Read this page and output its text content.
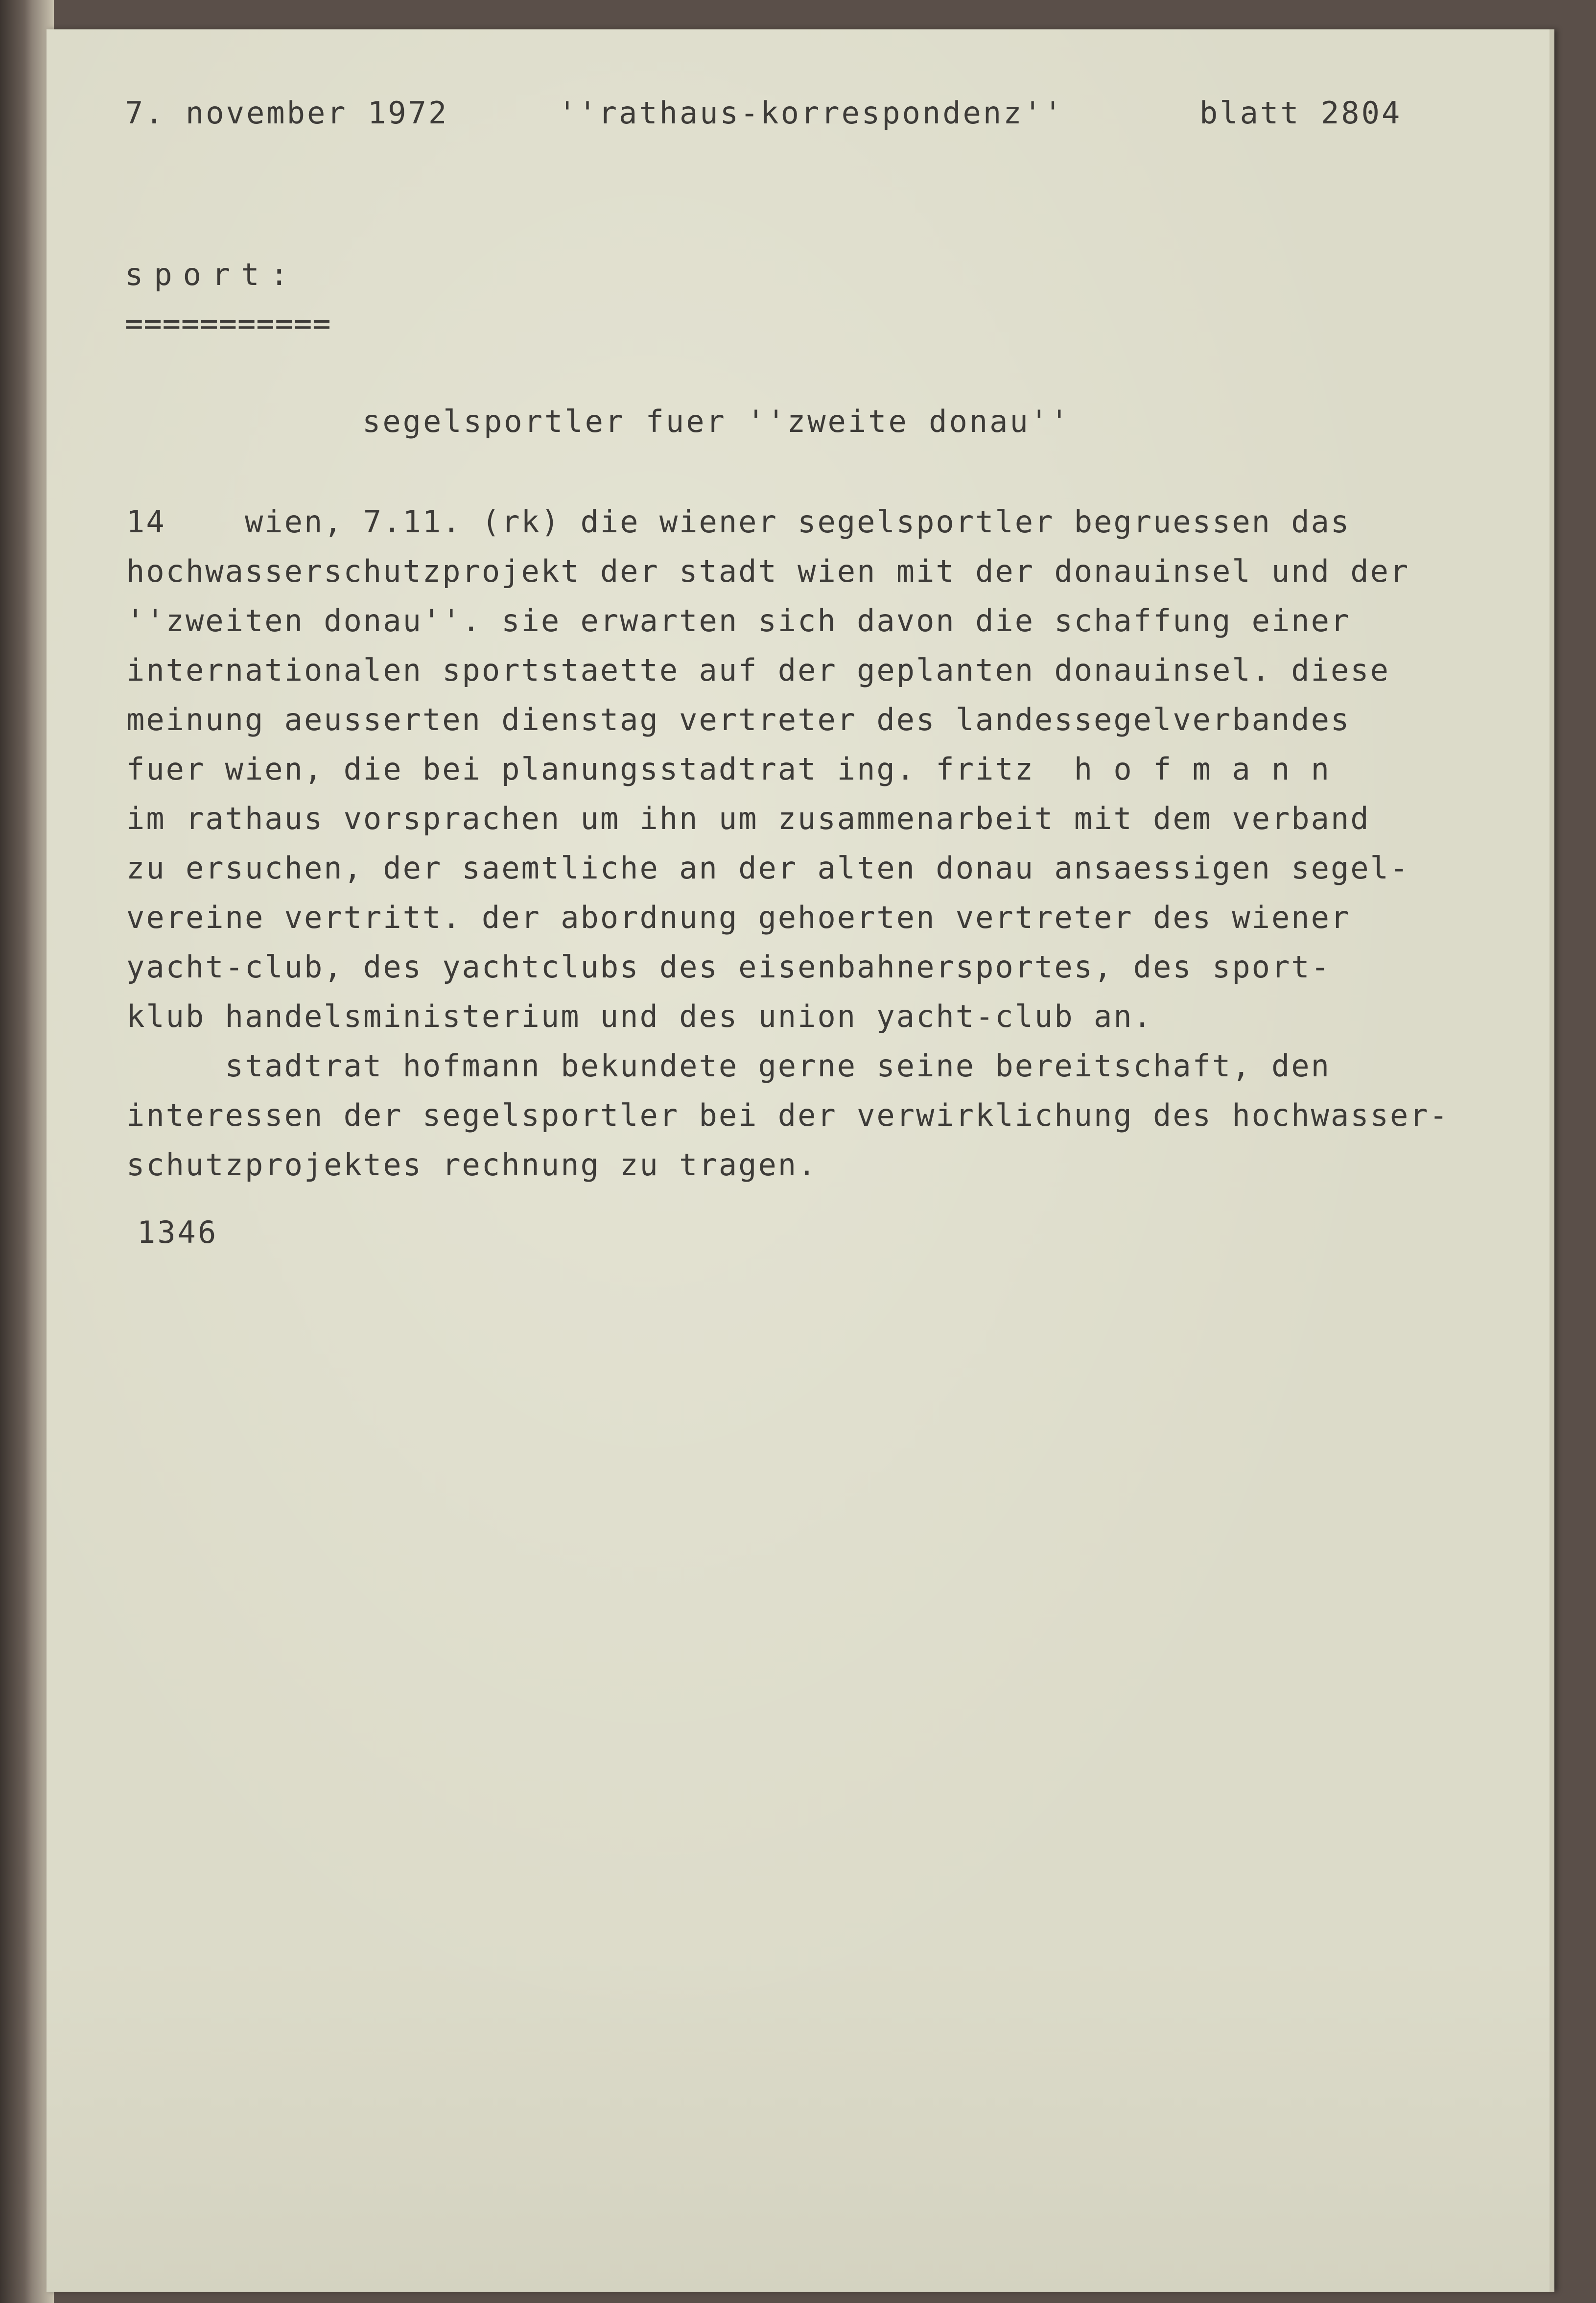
7. november 1972	''rathaus-korrespondenz''	blatt 2804
sport:
===========
segelsportler fuer ''zweite donau''
14    wien, 7.11. (rk) die wiener segelsportler begruessen das
hochwasserschutzprojekt der stadt wien mit der donauinsel und der
''zweiten donau''. sie erwarten sich davon die schaffung einer
internationalen sportstaette auf der geplanten donauinsel. diese
meinung aeusserten dienstag vertreter des landessegelverbandes
fuer wien, die bei planungsstadtrat ing. fritz  h o f m a n n
im rathaus vorsprachen um ihn um zusammenarbeit mit dem verband
zu ersuchen, der saemtliche an der alten donau ansaessigen segel-
vereine vertritt. der abordnung gehoerten vertreter des wiener
yacht-club, des yachtclubs des eisenbahnersportes, des sport-
klub handelsministerium und des union yacht-club an.
stadtrat hofmann bekundete gerne seine bereitschaft, den
interessen der segelsportler bei der verwirklichung des hochwasser-
schutzprojektes rechnung zu tragen.
1346
